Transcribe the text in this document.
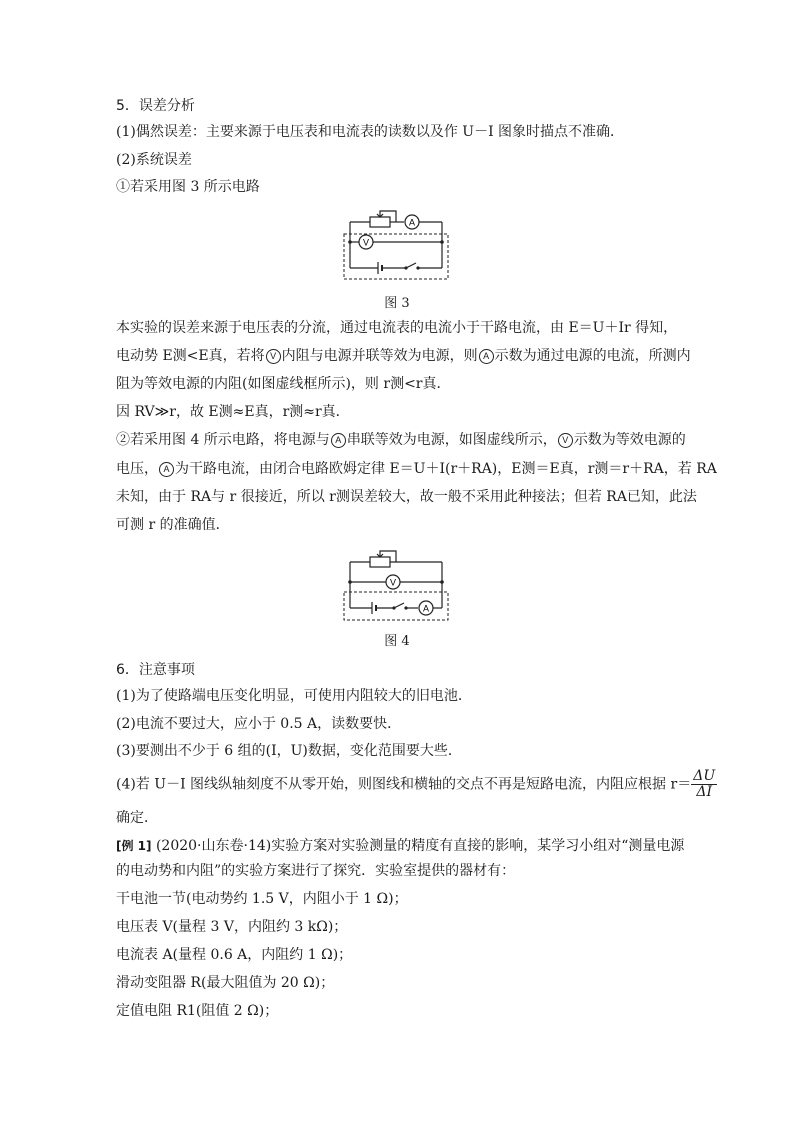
5．误差分析
(1)偶然误差：主要来源于电压表和电流表的读数以及作 U－I 图象时描点不准确．
(2)系统误差
①若采用图 3 所示电路
A
V
图 3
本实验的误差来源于电压表的分流，通过电流表的电流小于干路电流，由 E＝U＋Ir 得知，
电动势 E测<E真，若将 V 内阻与电源并联等效为电源，则 A 示数为通过电源的电流，所测内
阻为等效电源的内阻(如图虚线框所示)，则 r测<r真．
因 RV≫r，故 E测≈E真，r测≈r真．
②若采用图 4 所示电路，将电源与 A 串联等效为电源，如图虚线所示， V 示数为等效电源的
电压， A 为干路电流，由闭合电路欧姆定律 E＝U＋I(r＋RA)，E测＝E真，r测＝r＋RA，若 RA
未知，由于 RA与 r 很接近，所以 r测误差较大，故一般不采用此种接法；但若 RA已知，此法
可测 r 的准确值．
V
A
图 4
6．注意事项
(1)为了使路端电压变化明显，可使用内阻较大的旧电池．
(2)电流不要过大，应小于 0.5 A，读数要快．
(3)要测出不少于 6 组的(I，U)数据，变化范围要大些．
(4)若 U－I 图线纵轴刻度不从零开始，则图线和横轴的交点不再是短路电流，内阻应根据 $r= \frac{\Delta U}{\Delta I}$
确定．
[例 1] (2020·山东卷·14)实验方案对实验测量的精度有直接的影响，某学习小组对“测量电源
的电动势和内阻”的实验方案进行了探究．实验室提供的器材有：
干电池一节(电动势约 1.5 V，内阻小于 1 Ω)；
电压表 V(量程 3 V，内阻约 3 kΩ)；
电流表 A(量程 0.6 A，内阻约 1 Ω)；
滑动变阻器 R(最大阻值为 20 Ω)；
定值电阻 R1(阻值 2 Ω)；
